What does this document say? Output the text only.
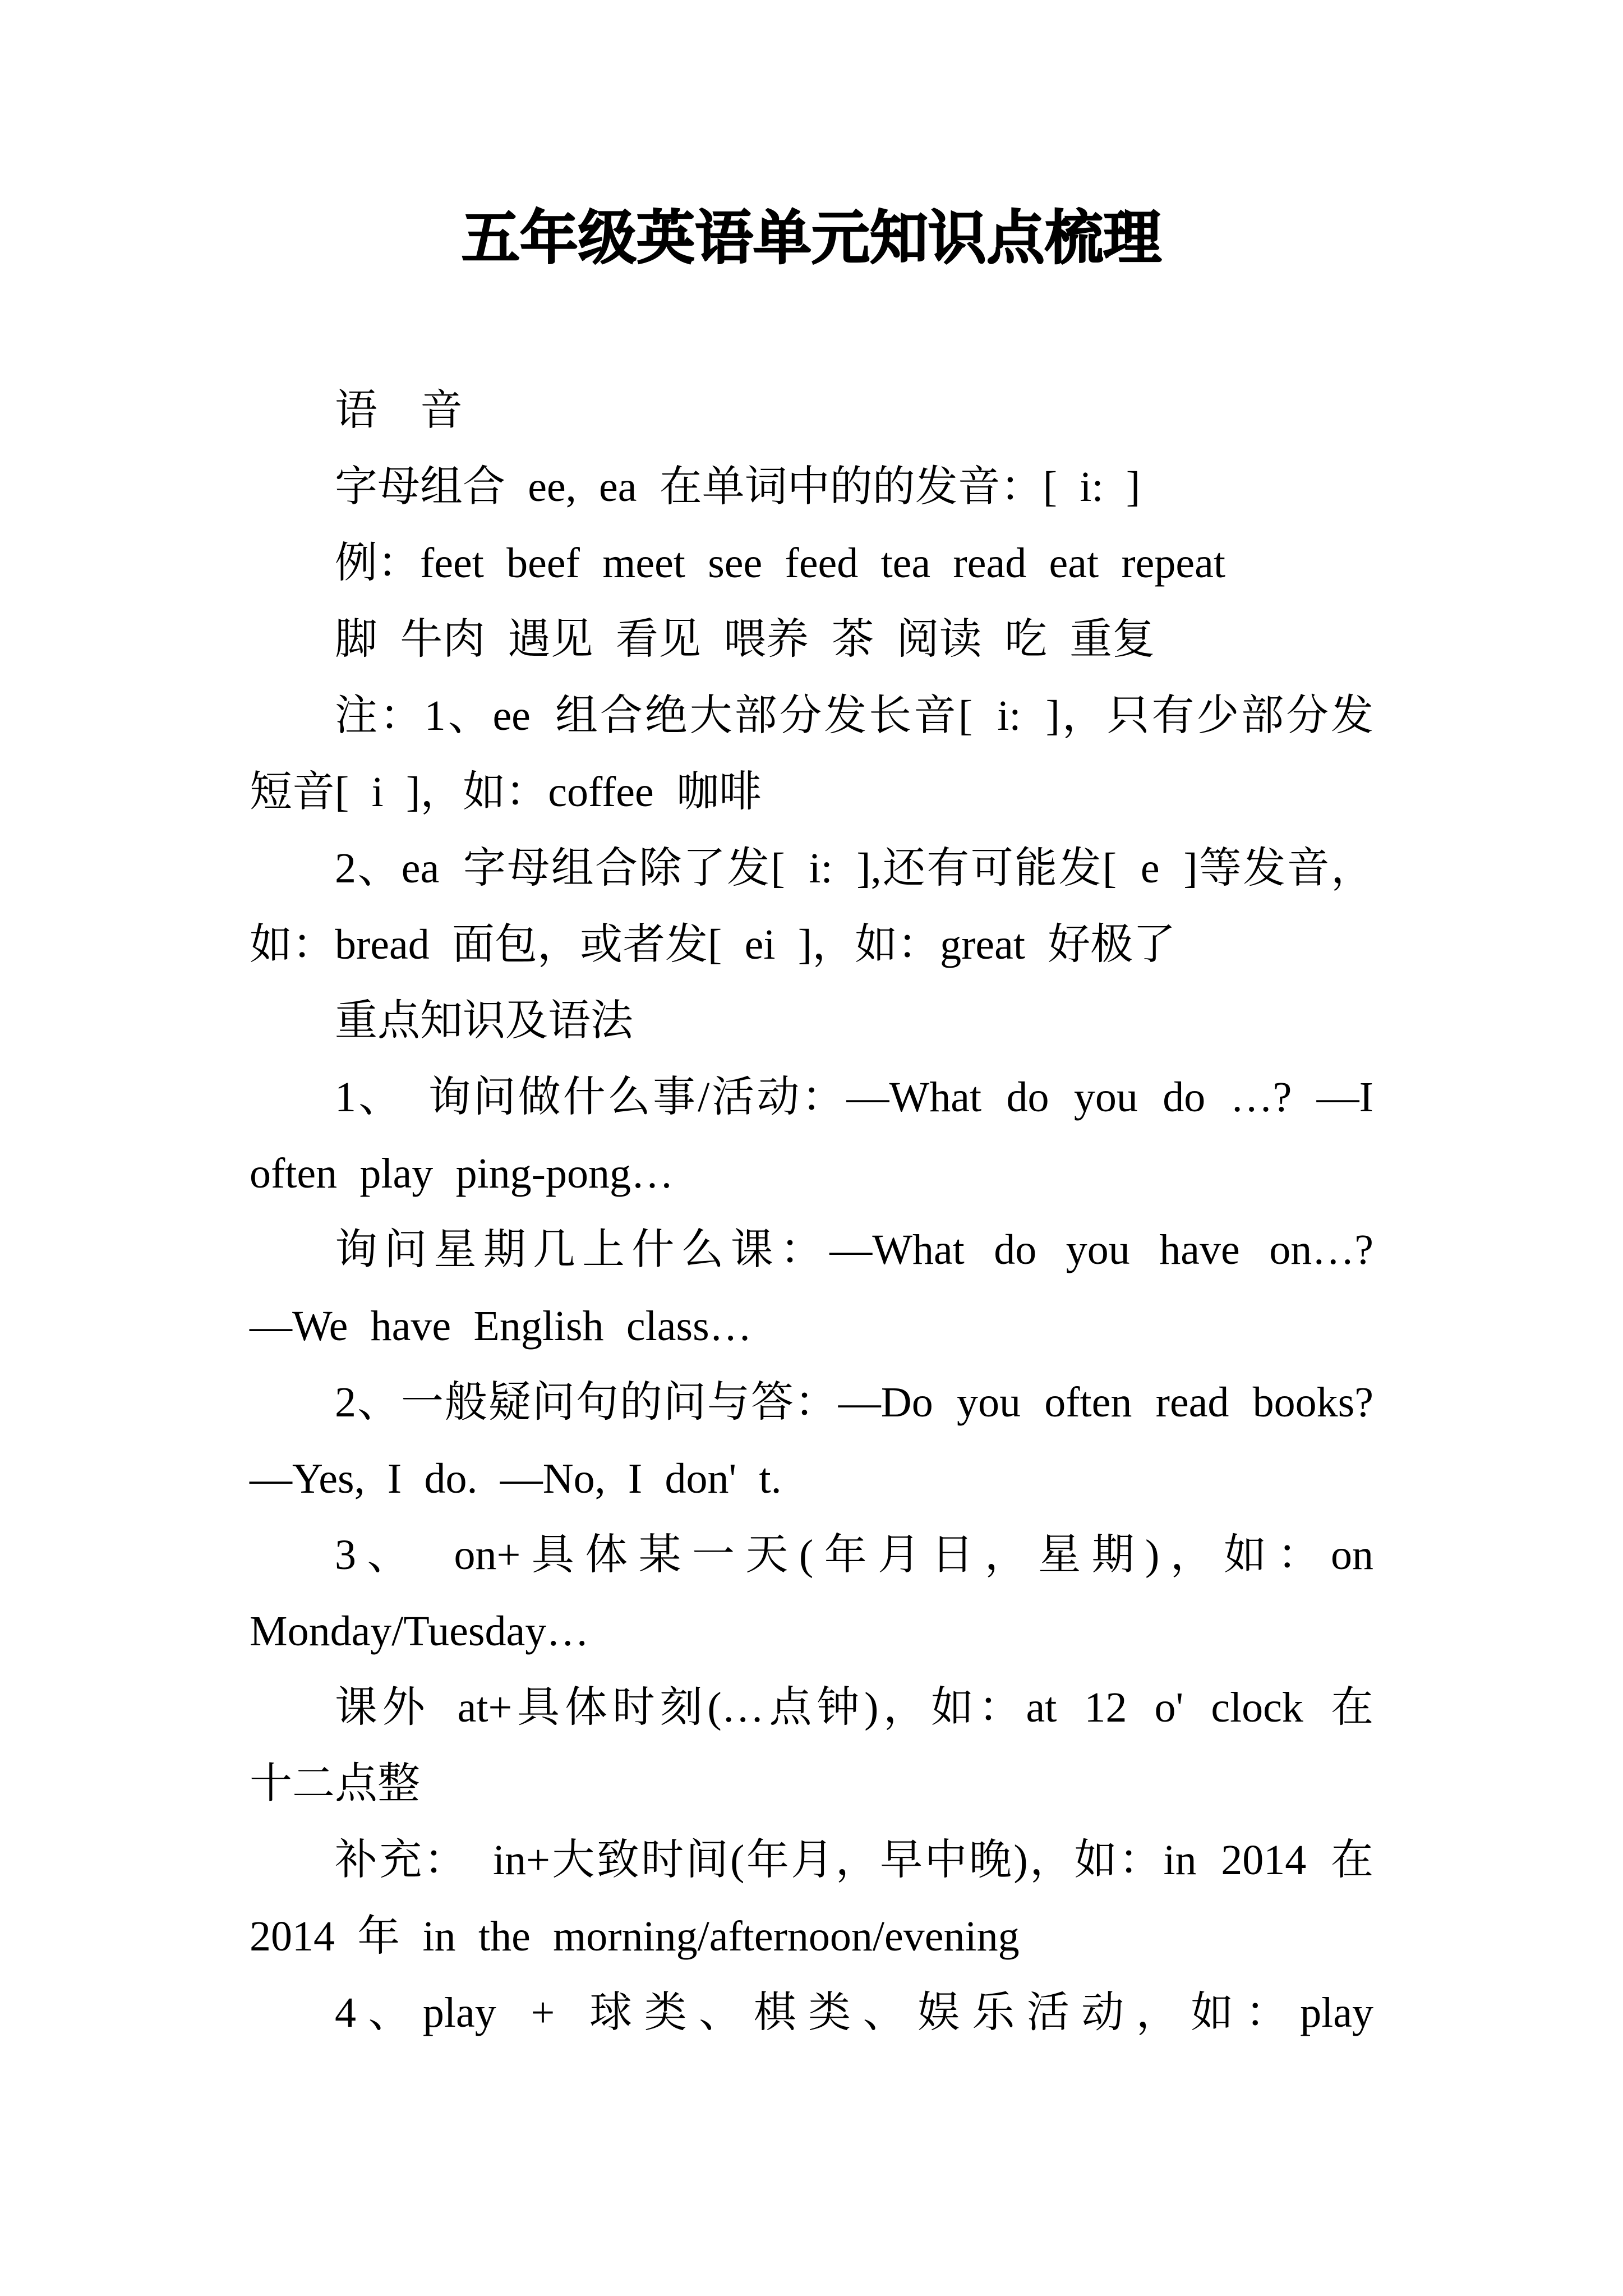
五年级英语单元知识点梳理
语　音
字母组合 ee, ea 在单词中的的发音：[ i: ]
例：feet beef meet see feed tea read eat repeat
脚 牛肉 遇见 看见 喂养 茶 阅读 吃 重复
注：1、ee 组合绝大部分发长音[ i: ]，只有少部分发
短音[ i ]，如：coffee 咖啡
2、ea 字母组合除了发[ i: ],还有可能发[ e ]等发音，
如：bread 面包，或者发[ ei ]，如：great 好极了
重点知识及语法
1、 询问做什么事/活动：—What do you do …? —I
often play ping-pong…
询问星期几上什么课：—What do you have on…?
—We have English class…
2、一般疑问句的问与答：—Do you often read books?
—Yes, I do. —No, I don' t.
3、 on+具体某一天(年月日，星期)，如：on
Monday/Tuesday…
课外 at+具体时刻(…点钟)，如：at 12 o' clock 在
十二点整
补充： in+大致时间(年月，早中晚)，如：in 2014 在
2014 年 in the morning/afternoon/evening
4、play + 球类、棋类、娱乐活动，如：play
